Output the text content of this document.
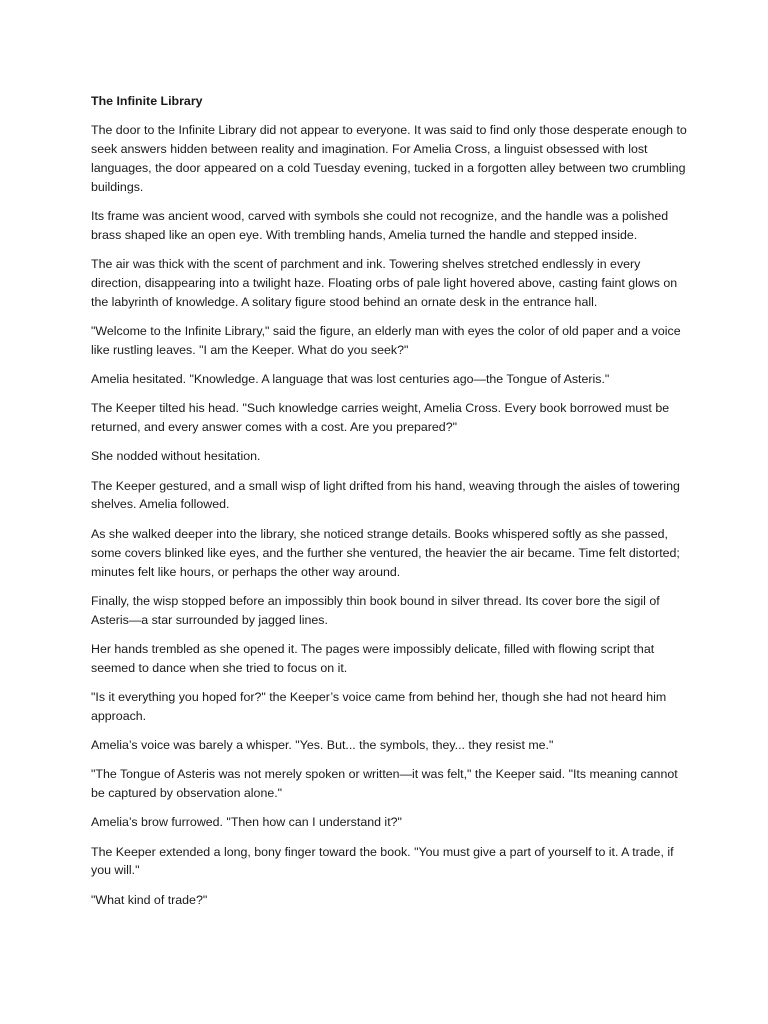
The Infinite Library

The door to the Infinite Library did not appear to everyone. It was said to find only those desperate enough to seek answers hidden between reality and imagination. For Amelia Cross, a linguist obsessed with lost languages, the door appeared on a cold Tuesday evening, tucked in a forgotten alley between two crumbling buildings.

Its frame was ancient wood, carved with symbols she could not recognize, and the handle was a polished brass shaped like an open eye. With trembling hands, Amelia turned the handle and stepped inside.

The air was thick with the scent of parchment and ink. Towering shelves stretched endlessly in every direction, disappearing into a twilight haze. Floating orbs of pale light hovered above, casting faint glows on the labyrinth of knowledge. A solitary figure stood behind an ornate desk in the entrance hall.

"Welcome to the Infinite Library," said the figure, an elderly man with eyes the color of old paper and a voice like rustling leaves. "I am the Keeper. What do you seek?"

Amelia hesitated. "Knowledge. A language that was lost centuries ago—the Tongue of Asteris."

The Keeper tilted his head. "Such knowledge carries weight, Amelia Cross. Every book borrowed must be returned, and every answer comes with a cost. Are you prepared?"

She nodded without hesitation.

The Keeper gestured, and a small wisp of light drifted from his hand, weaving through the aisles of towering shelves. Amelia followed.

As she walked deeper into the library, she noticed strange details. Books whispered softly as she passed, some covers blinked like eyes, and the further she ventured, the heavier the air became. Time felt distorted; minutes felt like hours, or perhaps the other way around.

Finally, the wisp stopped before an impossibly thin book bound in silver thread. Its cover bore the sigil of Asteris—a star surrounded by jagged lines.

Her hands trembled as she opened it. The pages were impossibly delicate, filled with flowing script that seemed to dance when she tried to focus on it.

"Is it everything you hoped for?" the Keeper’s voice came from behind her, though she had not heard him approach.

Amelia’s voice was barely a whisper. "Yes. But... the symbols, they... they resist me."

"The Tongue of Asteris was not merely spoken or written—it was felt," the Keeper said. "Its meaning cannot be captured by observation alone."

Amelia’s brow furrowed. "Then how can I understand it?"

The Keeper extended a long, bony finger toward the book. "You must give a part of yourself to it. A trade, if you will."

"What kind of trade?"
